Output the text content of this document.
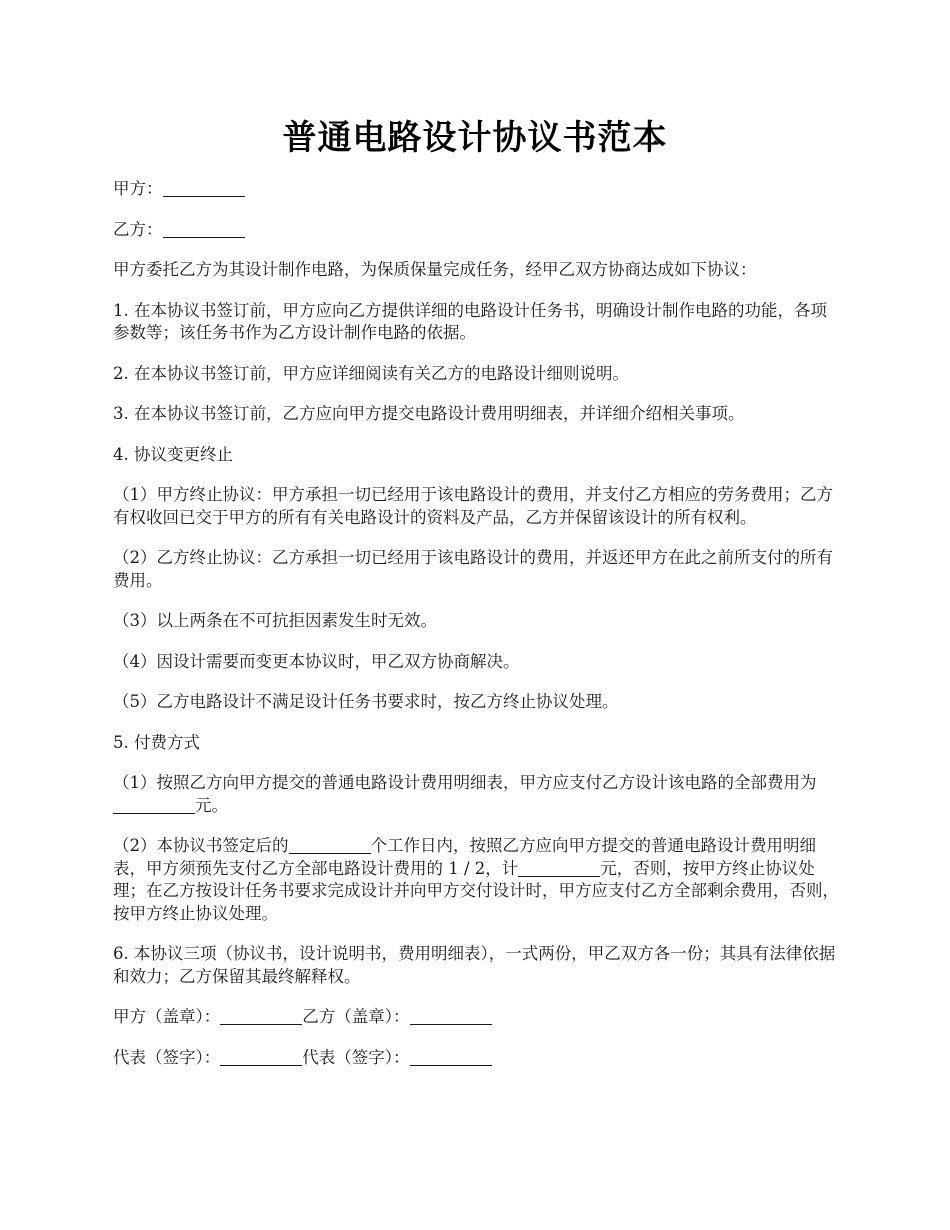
普通电路设计协议书范本

甲方：

乙方：

甲方委托乙方为其设计制作电路，为保质保量完成任务，经甲乙双方协商达成如下协议：

1. 在本协议书签订前，甲方应向乙方提供详细的电路设计任务书，明确设计制作电路的功能，各项参数等；该任务书作为乙方设计制作电路的依据。

2. 在本协议书签订前，甲方应详细阅读有关乙方的电路设计细则说明。

3. 在本协议书签订前，乙方应向甲方提交电路设计费用明细表，并详细介绍相关事项。

4. 协议变更终止

（1）甲方终止协议：甲方承担一切已经用于该电路设计的费用，并支付乙方相应的劳务费用；乙方有权收回已交于甲方的所有有关电路设计的资料及产品，乙方并保留该设计的所有权利。

（2）乙方终止协议：乙方承担一切已经用于该电路设计的费用，并返还甲方在此之前所支付的所有费用。

（3）以上两条在不可抗拒因素发生时无效。

（4）因设计需要而变更本协议时，甲乙双方协商解决。

（5）乙方电路设计不满足设计任务书要求时，按乙方终止协议处理。

5. 付费方式

（1）按照乙方向甲方提交的普通电路设计费用明细表，甲方应支付乙方设计该电路的全部费用为元。

（2）本协议书签定后的	个工作日内，按照乙方应向甲方提交的普通电路设计费用明细表，甲方须预先支付乙方全部电路设计费用的 1 / 2，计	元，否则，按甲方终止协议处理；在乙方按设计任务书要求完成设计并向甲方交付设计时，甲方应支付乙方全部剩余费用，否则，按甲方终止协议处理。

6. 本协议三项（协议书，设计说明书，费用明细表），一式两份，甲乙双方各一份；其具有法律依据和效力；乙方保留其最终解释权。

甲方（盖章）：	乙方（盖章）：

代表（签字）：	代表（签字）：
